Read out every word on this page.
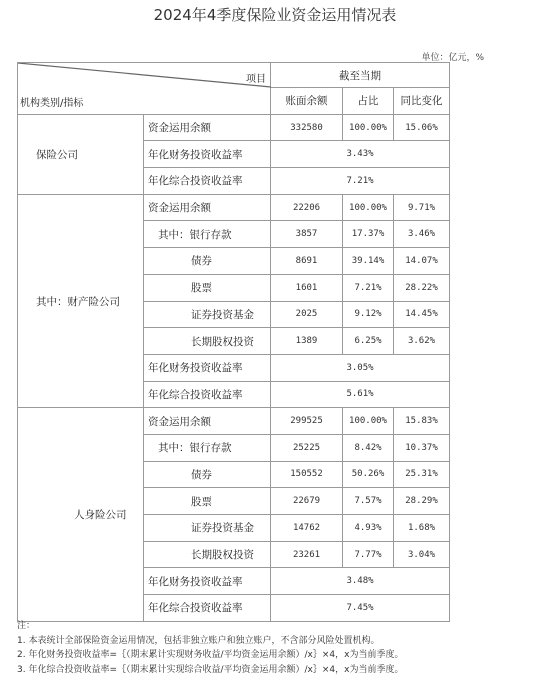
2024年4季度保险业资金运用情况表
单位：亿元，%
项目
机构类别/指标		截至当期		
		账面余额	占比	同比变化
保险公司	资金运用余额	332580	100.00%	15.06%
	年化财务投资收益率	3.43%		
	年化综合投资收益率	7.21%		
其中：财产险公司	资金运用余额	22206	100.00%	9.71%
	其中：银行存款	3857	17.37%	3.46%
	债券	8691	39.14%	14.07%
	股票	1601	7.21%	28.22%
	证券投资基金	2025	9.12%	14.45%
	长期股权投资	1389	6.25%	3.62%
	年化财务投资收益率	3.05%		
	年化综合投资收益率	5.61%		
人身险公司	资金运用余额	299525	100.00%	15.83%
	其中：银行存款	25225	8.42%	10.37%
	债券	150552	50.26%	25.31%
	股票	22679	7.57%	28.29%
	证券投资基金	14762	4.93%	1.68%
	长期股权投资	23261	7.77%	3.04%
	年化财务投资收益率	3.48%		
	年化综合投资收益率	7.45%		
注：
1. 本表统计全部保险资金运用情况，包括非独立账户和独立账户，不含部分风险处置机构。
2. 年化财务投资收益率=｛（期末累计实现财务收益/平均资金运用余额）/x｝×4，x为当前季度。
3. 年化综合投资收益率=｛（期末累计实现综合收益/平均资金运用余额）/x｝×4，x为当前季度。
